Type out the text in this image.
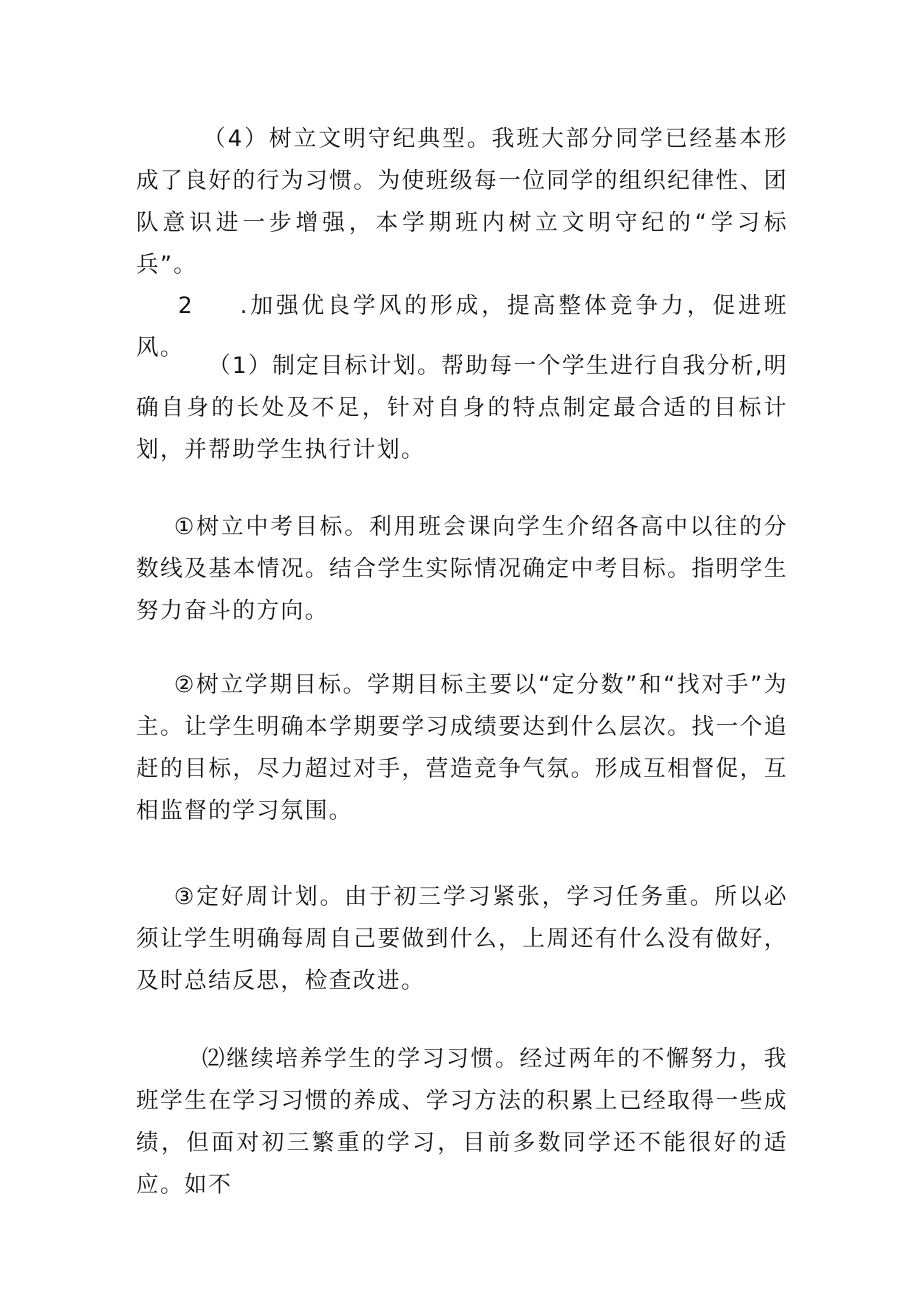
（4）树立文明守纪典型。我班大部分同学已经基本形成了良好的行为习惯。为使班级每一位同学的组织纪律性、团队意识进一步增强，本学期班内树立文明守纪的“学习标兵”。

2 .加强优良学风的形成，提高整体竞争力，促进班风。

（1）制定目标计划。帮助每一个学生进行自我分析,明确自身的长处及不足，针对自身的特点制定最合适的目标计划，并帮助学生执行计划。

①树立中考目标。利用班会课向学生介绍各高中以往的分数线及基本情况。结合学生实际情况确定中考目标。指明学生努力奋斗的方向。

②树立学期目标。学期目标主要以“定分数”和“找对手”为主。让学生明确本学期要学习成绩要达到什么层次。找一个追赶的目标，尽力超过对手，营造竞争气氛。形成互相督促，互相监督的学习氛围。

③定好周计划。由于初三学习紧张，学习任务重。所以必须让学生明确每周自己要做到什么，上周还有什么没有做好，及时总结反思，检查改进。

⑵继续培养学生的学习习惯。经过两年的不懈努力，我班学生在学习习惯的养成、学习方法的积累上已经取得一些成绩，但面对初三繁重的学习，目前多数同学还不能很好的适应。如不
